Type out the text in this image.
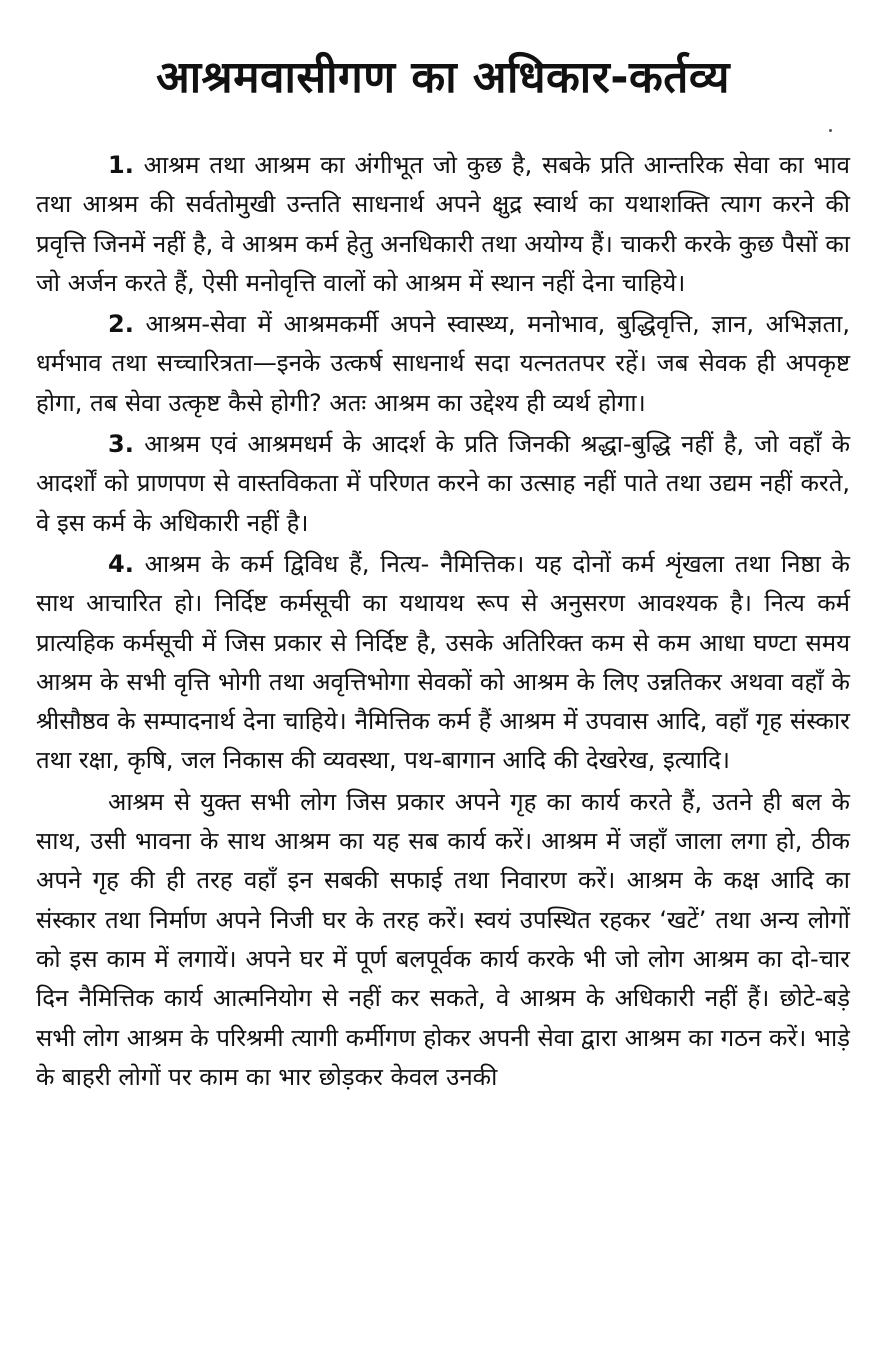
आश्रमवासीगण का अधिकार-कर्तव्य

1. आश्रम तथा आश्रम का अंगीभूत जो कुछ है, सबके प्रति आन्तरिक सेवा का भाव तथा आश्रम की सर्वतोमुखी उन्तति साधनार्थ अपने क्षुद्र स्वार्थ का यथाशक्ति त्याग करने की प्रवृत्ति जिनमें नहीं है, वे आश्रम कर्म हेतु अनधिकारी तथा अयोग्य हैं। चाकरी करके कुछ पैसों का जो अर्जन करते हैं, ऐसी मनोवृत्ति वालों को आश्रम में स्थान नहीं देना चाहिये।

2. आश्रम-सेवा में आश्रमकर्मी अपने स्वास्थ्य, मनोभाव, बुद्धिवृत्ति, ज्ञान, अभिज्ञता, धर्मभाव तथा सच्चारित्रता—इनके उत्कर्ष साधनार्थ सदा यत्नततपर रहें। जब सेवक ही अपकृष्ट होगा, तब सेवा उत्कृष्ट कैसे होगी? अतः आश्रम का उद्देश्य ही व्यर्थ होगा।

3. आश्रम एवं आश्रमधर्म के आदर्श के प्रति जिनकी श्रद्धा-बुद्धि नहीं है, जो वहाँ के आदर्शों को प्राणपण से वास्तविकता में परिणत करने का उत्साह नहीं पाते तथा उद्यम नहीं करते, वे इस कर्म के अधिकारी नहीं है।

4. आश्रम के कर्म द्विविध हैं, नित्य- नैमित्तिक। यह दोनों कर्म शृंखला तथा निष्ठा के साथ आचारित हो। निर्दिष्ट कर्मसूची का यथायथ रूप से अनुसरण आवश्यक है। नित्य कर्म प्रात्यहिक कर्मसूची में जिस प्रकार से निर्दिष्ट है, उसके अतिरिक्त कम से कम आधा घण्टा समय आश्रम के सभी वृत्ति भोगी तथा अवृत्तिभोगा सेवकों को आश्रम के लिए उन्नतिकर अथवा वहाँ के श्रीसौष्ठव के सम्पादनार्थ देना चाहिये। नैमित्तिक कर्म हैं आश्रम में उपवास आदि, वहाँ गृह संस्कार तथा रक्षा, कृषि, जल निकास की व्यवस्था, पथ-बागान आदि की देखरेख, इत्यादि।

आश्रम से युक्त सभी लोग जिस प्रकार अपने गृह का कार्य करते हैं, उतने ही बल के साथ, उसी भावना के साथ आश्रम का यह सब कार्य करें। आश्रम में जहाँ जाला लगा हो, ठीक अपने गृह की ही तरह वहाँ इन सबकी सफाई तथा निवारण करें। आश्रम के कक्ष आदि का संस्कार तथा निर्माण अपने निजी घर के तरह करें। स्वयं उपस्थित रहकर ‘खटें’ तथा अन्य लोगों को इस काम में लगायें। अपने घर में पूर्ण बलपूर्वक कार्य करके भी जो लोग आश्रम का दो-चार दिन नैमित्तिक कार्य आत्मनियोग से नहीं कर सकते, वे आश्रम के अधिकारी नहीं हैं। छोटे-बड़े सभी लोग आश्रम के परिश्रमी त्यागी कर्मीगण होकर अपनी सेवा द्वारा आश्रम का गठन करें। भाड़े के बाहरी लोगों पर काम का भार छोड़कर केवल उनकी
